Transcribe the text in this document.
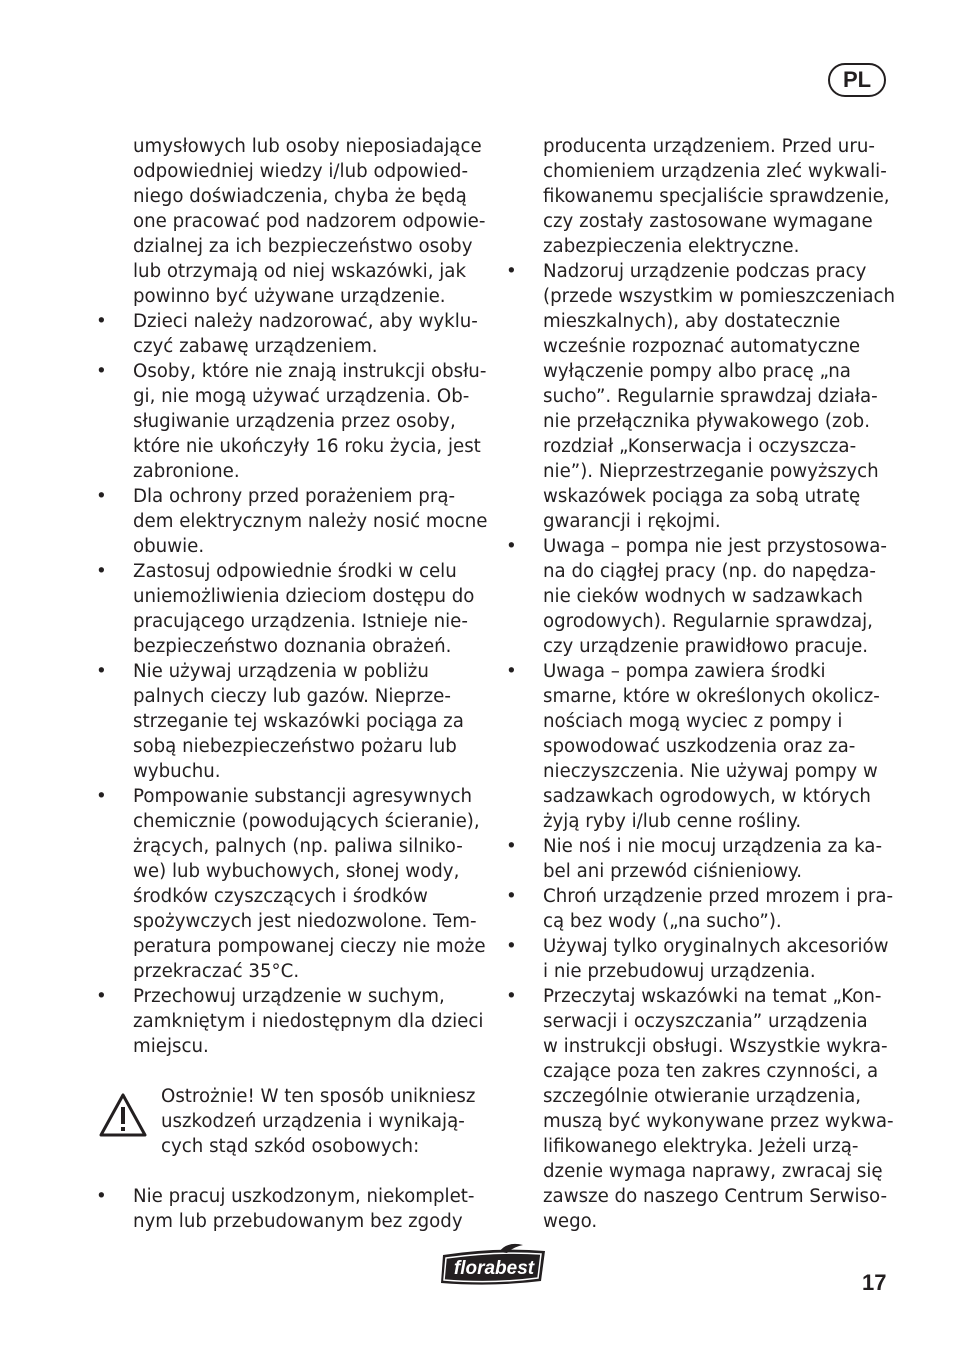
PL
umysłowych lub osoby nieposiadające
odpowiedniej wiedzy i/lub odpowied-
niego doświadczenia, chyba że będą
one pracować pod nadzorem odpowie-
dzialnej za ich bezpieczeństwo osoby
lub otrzymają od niej wskazówki, jak
powinno być używane urządzenie.
• Dzieci należy nadzorować, aby wyklu-
czyć zabawę urządzeniem.
• Osoby, które nie znają instrukcji obsłu-
gi, nie mogą używać urządzenia. Ob-
sługiwanie urządzenia przez osoby,
które nie ukończyły 16 roku życia, jest
zabronione.
• Dla ochrony przed porażeniem prą-
dem elektrycznym należy nosić mocne
obuwie.
• Zastosuj odpowiednie środki w celu
uniemożliwienia dzieciom dostępu do
pracującego urządzenia. Istnieje nie-
bezpieczeństwo doznania obrażeń.
• Nie używaj urządzenia w pobliżu
palnych cieczy lub gazów. Nieprze-
strzeganie tej wskazówki pociąga za
sobą niebezpieczeństwo pożaru lub
wybuchu.
• Pompowanie substancji agresywnych
chemicznie (powodujących ścieranie),
żrących, palnych (np. paliwa silniko-
we) lub wybuchowych, słonej wody,
środków czyszczących i środków
spożywczych jest niedozwolone. Tem-
peratura pompowanej cieczy nie może
przekraczać 35°C.
• Przechowuj urządzenie w suchym,
zamkniętym i niedostępnym dla dzieci
miejscu.
Ostrożnie! W ten sposób unikniesz
uszkodzeń urządzenia i wynikają-
cych stąd szkód osobowych:
• Nie pracuj uszkodzonym, niekomplet-
nym lub przebudowanym bez zgody
producenta urządzeniem. Przed uru-
chomieniem urządzenia zleć wykwali-
fikowanemu specjaliście sprawdzenie,
czy zostały zastosowane wymagane
zabezpieczenia elektryczne.
• Nadzoruj urządzenie podczas pracy
(przede wszystkim w pomieszczeniach
mieszkalnych), aby dostatecznie
wcześnie rozpoznać automatyczne
wyłączenie pompy albo pracę „na
sucho”. Regularnie sprawdzaj działa-
nie przełącznika pływakowego (zob.
rozdział „Konserwacja i oczyszcza-
nie”). Nieprzestrzeganie powyższych
wskazówek pociąga za sobą utratę
gwarancji i rękojmi.
• Uwaga – pompa nie jest przystosowa-
na do ciągłej pracy (np. do napędza-
nie cieków wodnych w sadzawkach
ogrodowych). Regularnie sprawdzaj,
czy urządzenie prawidłowo pracuje.
• Uwaga – pompa zawiera środki
smarne, które w określonych okolicz-
nościach mogą wyciec z pompy i
spowodować uszkodzenia oraz za-
nieczyszczenia. Nie używaj pompy w
sadzawkach ogrodowych, w których
żyją ryby i/lub cenne rośliny.
• Nie noś i nie mocuj urządzenia za ka-
bel ani przewód ciśnieniowy.
• Chroń urządzenie przed mrozem i pra-
cą bez wody („na sucho”).
• Używaj tylko oryginalnych akcesoriów
i nie przebudowuj urządzenia.
• Przeczytaj wskazówki na temat „Kon-
serwacji i oczyszczania” urządzenia
w instrukcji obsługi. Wszystkie wykra-
czające poza ten zakres czynności, a
szczególnie otwieranie urządzenia,
muszą być wykonywane przez wykwa-
lifikowanego elektryka. Jeżeli urzą-
dzenie wymaga naprawy, zwracaj się
zawsze do naszego Centrum Serwiso-
wego.
florabest
17
